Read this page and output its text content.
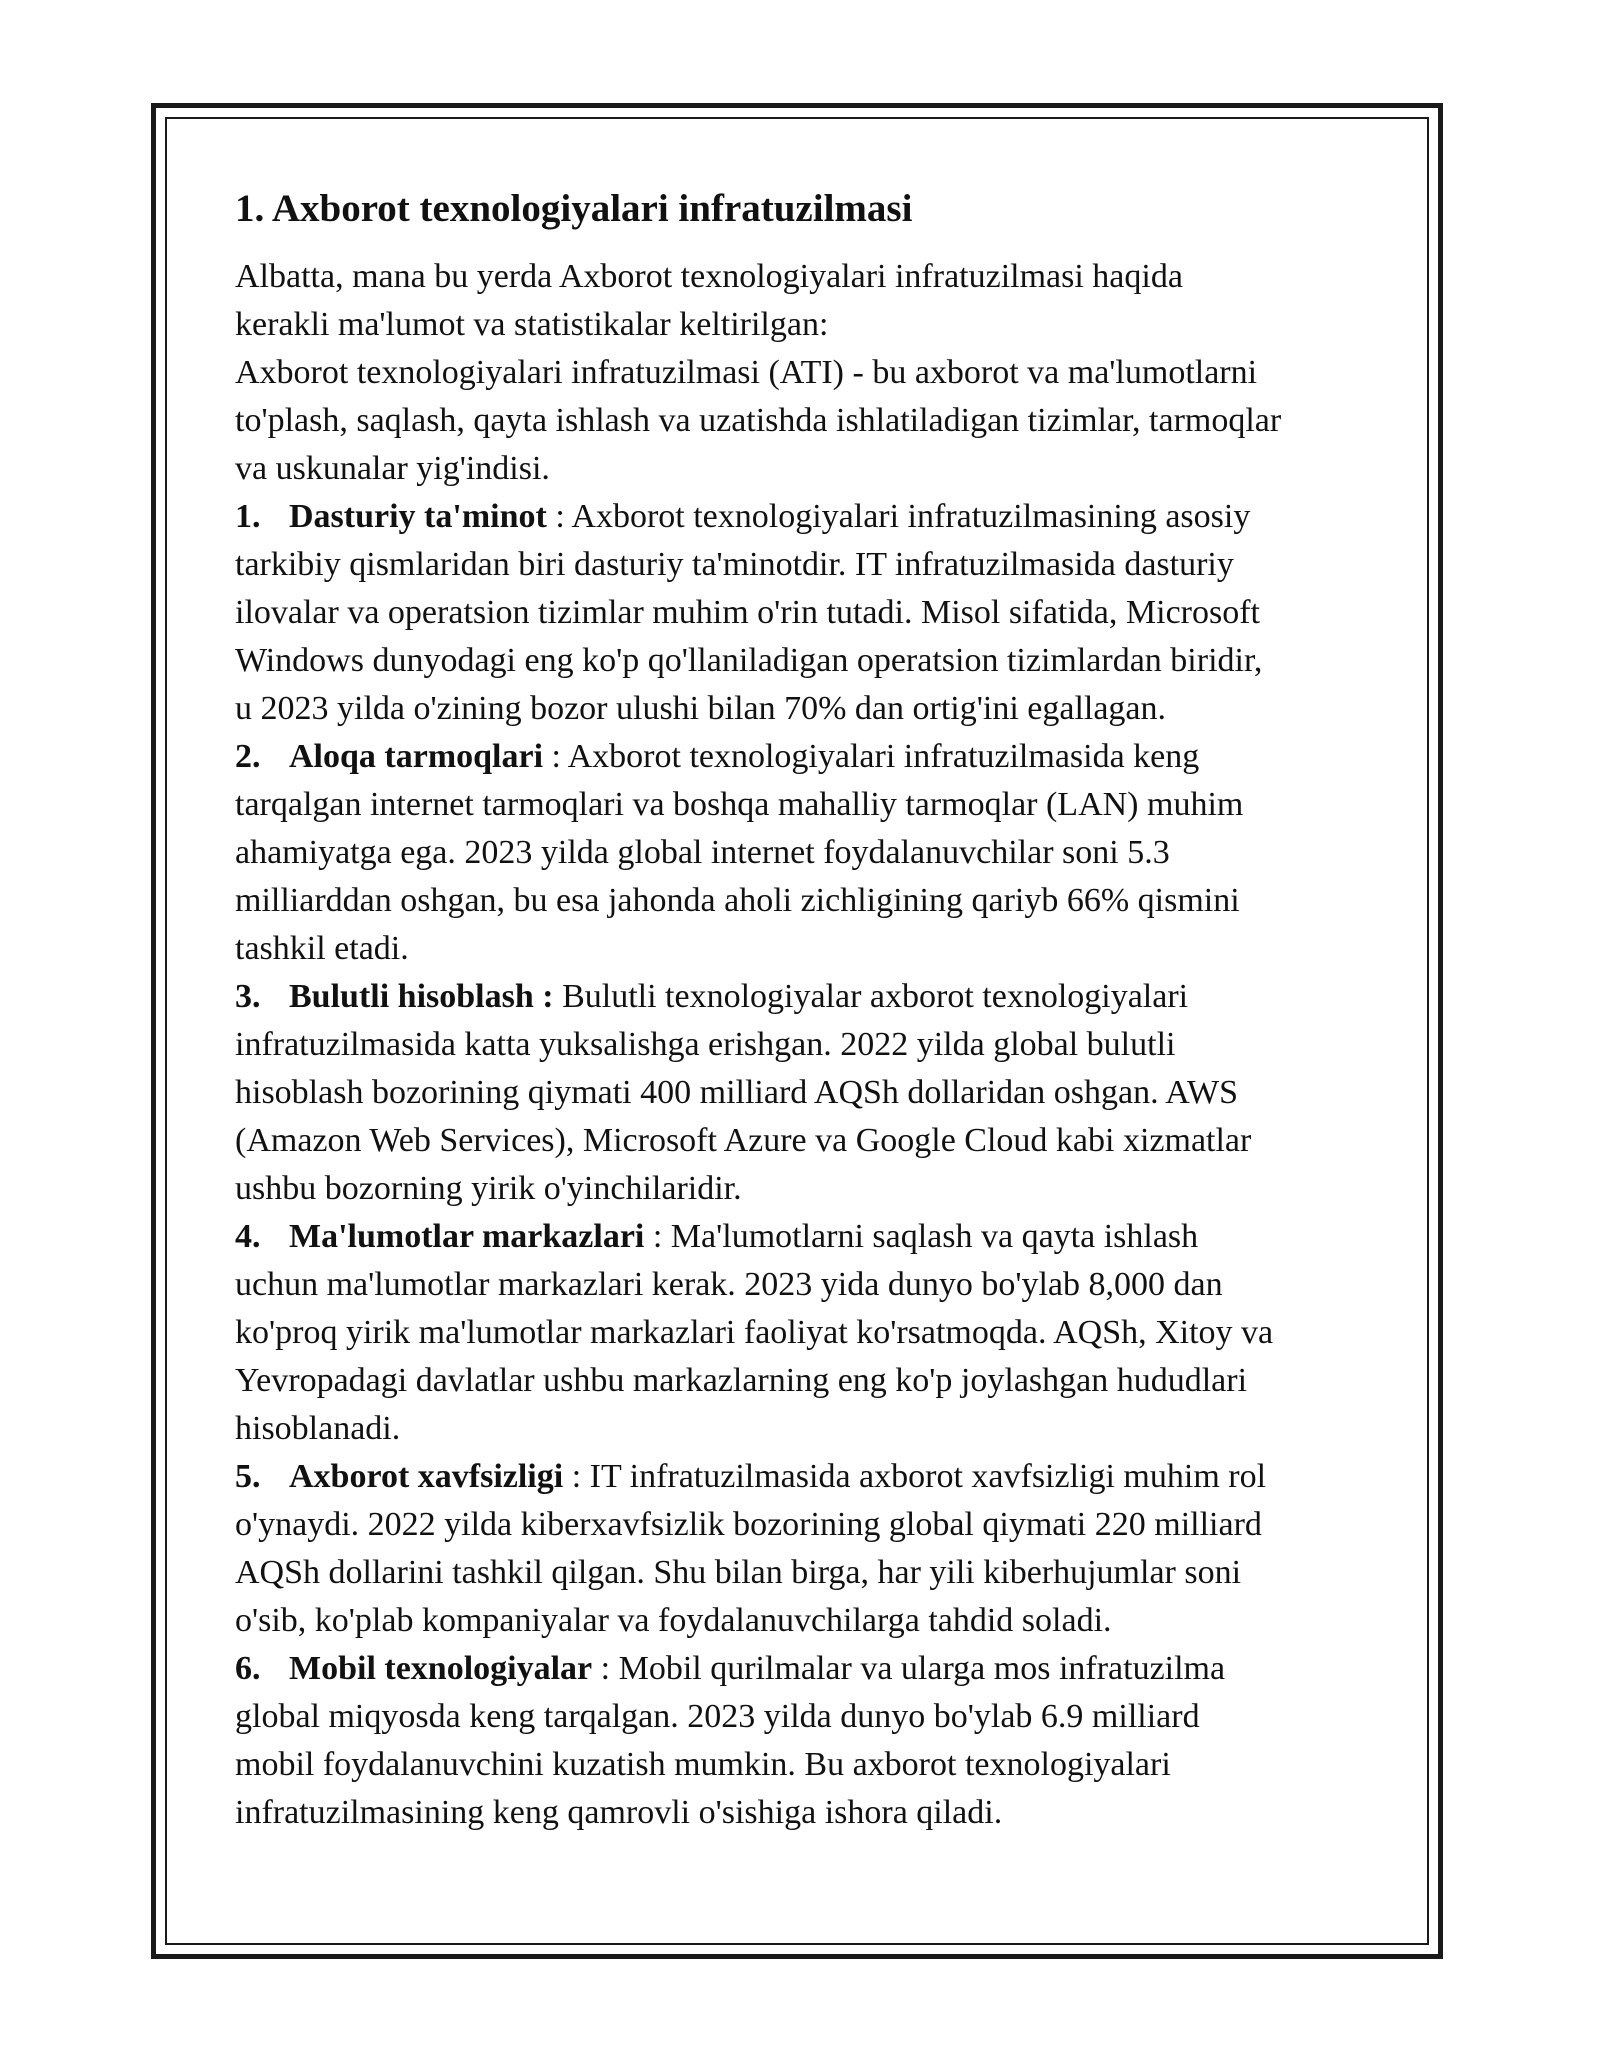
1. Axborot texnologiyalari infratuzilmasi
Albatta, mana bu yerda Axborot texnologiyalari infratuzilmasi haqida
kerakli ma'lumot va statistikalar keltirilgan:
Axborot texnologiyalari infratuzilmasi (ATI) - bu axborot va ma'lumotlarni
to'plash, saqlash, qayta ishlash va uzatishda ishlatiladigan tizimlar, tarmoqlar
va uskunalar yig'indisi.
1. Dasturiy ta'minot : Axborot texnologiyalari infratuzilmasining asosiy
tarkibiy qismlaridan biri dasturiy ta'minotdir. IT infratuzilmasida dasturiy
ilovalar va operatsion tizimlar muhim o'rin tutadi. Misol sifatida, Microsoft
Windows dunyodagi eng ko'p qo'llaniladigan operatsion tizimlardan biridir,
u 2023 yilda o'zining bozor ulushi bilan 70% dan ortig'ini egallagan.
2. Aloqa tarmoqlari : Axborot texnologiyalari infratuzilmasida keng
tarqalgan internet tarmoqlari va boshqa mahalliy tarmoqlar (LAN) muhim
ahamiyatga ega. 2023 yilda global internet foydalanuvchilar soni 5.3
milliarddan oshgan, bu esa jahonda aholi zichligining qariyb 66% qismini
tashkil etadi.
3. Bulutli hisoblash : Bulutli texnologiyalar axborot texnologiyalari
infratuzilmasida katta yuksalishga erishgan. 2022 yilda global bulutli
hisoblash bozorining qiymati 400 milliard AQSh dollaridan oshgan. AWS
(Amazon Web Services), Microsoft Azure va Google Cloud kabi xizmatlar
ushbu bozorning yirik o'yinchilaridir.
4. Ma'lumotlar markazlari : Ma'lumotlarni saqlash va qayta ishlash
uchun ma'lumotlar markazlari kerak. 2023 yida dunyo bo'ylab 8,000 dan
ko'proq yirik ma'lumotlar markazlari faoliyat ko'rsatmoqda. AQSh, Xitoy va
Yevropadagi davlatlar ushbu markazlarning eng ko'p joylashgan hududlari
hisoblanadi.
5. Axborot xavfsizligi : IT infratuzilmasida axborot xavfsizligi muhim rol
o'ynaydi. 2022 yilda kiberxavfsizlik bozorining global qiymati 220 milliard
AQSh dollarini tashkil qilgan. Shu bilan birga, har yili kiberhujumlar soni
o'sib, ko'plab kompaniyalar va foydalanuvchilarga tahdid soladi.
6. Mobil texnologiyalar : Mobil qurilmalar va ularga mos infratuzilma
global miqyosda keng tarqalgan. 2023 yilda dunyo bo'ylab 6.9 milliard
mobil foydalanuvchini kuzatish mumkin. Bu axborot texnologiyalari
infratuzilmasining keng qamrovli o'sishiga ishora qiladi.
